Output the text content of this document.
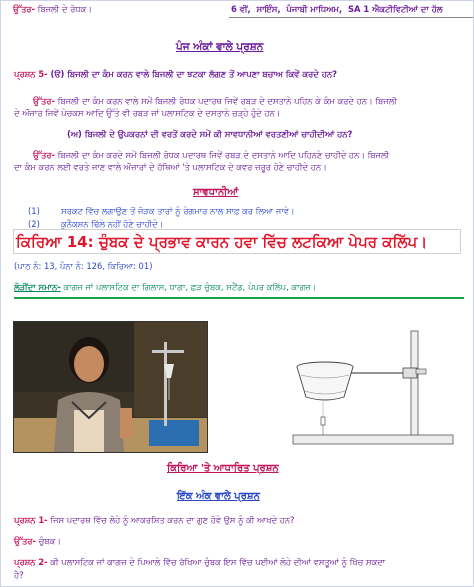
ਉੱਤਰ- ਬਿਜਲੀ ਦੇ ਰੋਧਕ।	6 ਵੀਂ, ਸਾਇੰਸ, ਪੰਜਾਬੀ ਮਾਧਿਅਮ, SA 1 ਐਕਟੀਵਿਟੀਆਂ ਦਾ ਹੱਲ
ਪੰਜ ਅੰਕਾਂ ਵਾਲੇ ਪ੍ਰਸ਼ਨ
ਪ੍ਰਸ਼ਨ 5- (ੳ) ਬਿਜਲੀ ਦਾ ਕੰਮ ਕਰਨ ਵਾਲੇ ਬਿਜਲੀ ਦਾ ਝਟਕਾ ਲੱਗਣ ਤੋਂ ਆਪਣਾ ਬਚਾਅ ਕਿਵੇਂ ਕਰਦੇ ਹਨ?
ਉੱਤਰ- ਬਿਜਲੀ ਦਾ ਕੰਮ ਕਰਨ ਵਾਲੇ ਸਮੇਂ ਬਿਜਲੀ ਰੋਧਕ ਪਦਾਰਥ ਜਿਵੇਂ ਰਬੜ ਦੇ ਦਸਤਾਨੇ ਪਹਿਨ ਕੇ ਕੰਮ ਕਰਦੇ ਹਨ। ਬਿਜਲੀ
ਦੇ ਔਜ਼ਾਰ ਜਿਵੇਂ ਪੇਚਕਸ ਆਦਿ ਉੱਤੇ ਵੀ ਰਬੜ ਜਾਂ ਪਲਾਸਟਿਕ ਦੇ ਦਸਤਾਨੇ ਚੜ੍ਹੇ ਹੁੰਦੇ ਹਨ।
(ਅ) ਬਿਜਲੀ ਦੇ ਉਪਕਰਨਾਂ ਦੀ ਵਰਤੋਂ ਕਰਦੇ ਸਮੇਂ ਕੀ ਸਾਵਧਾਨੀਆਂ ਵਰਤਣੀਆਂ ਚਾਹੀਦੀਆਂ ਹਨ?
ਉੱਤਰ- ਬਿਜਲੀ ਦਾ ਕੰਮ ਕਰਦੇ ਸਮੇਂ ਬਿਜਲੀ ਰੋਧਕ ਪਦਾਰਥ ਜਿਵੇਂ ਰਬੜ ਦੇ ਦਸਤਾਨੇ ਆਦਿ ਪਹਿਨਣੇ ਚਾਹੀਦੇ ਹਨ। ਬਿਜਲੀ
ਦਾ ਕੰਮ ਕਰਨ ਲਈ ਵਰਤੇ ਜਾਣ ਵਾਲੇ ਔਜ਼ਾਰਾਂ ਦੇ ਹੱਥਿਆਂ 'ਤੇ ਪਲਾਸਟਿਕ ਦੇ ਕਵਰ ਜ਼ਰੂਰ ਹੋਣੇ ਚਾਹੀਦੇ ਹਨ।
ਸਾਵਧਾਨੀਆਂ
(1)	ਸਰਕਟ ਵਿੱਚ ਲਗਾਉਣ ਤੋਂ ਜੋੜਕ ਤਾਰਾਂ ਨੂੰ ਰੇਗਮਾਰ ਨਾਲ ਸਾਫ਼ ਕਰ ਲਿਆ ਜਾਵੇ।
(2)	ਕੁਨੈਕਸ਼ਨ ਢਿੱਲੇ ਨਹੀਂ ਹੋਣੇ ਚਾਹੀਦੇ।
ਕਿਰਿਆ 14: ਚੁੰਬਕ ਦੇ ਪ੍ਰਭਾਵ ਕਾਰਨ ਹਵਾ ਵਿੱਚ ਲਟਕਿਆ ਪੇਪਰ ਕਲਿੱਪ।
(ਪਾਠ ਨੰ: 13, ਪੰਨਾ ਨੰ: 126, ਕਿਰਿਆ: 01)
ਲੋੜੀਂਦਾ ਸਮਾਨ- ਕਾਗਜ਼ ਜਾਂ ਪਲਾਸਟਿਕ ਦਾ ਗਿਲਾਸ, ਧਾਗਾ, ਛੜ ਚੁੰਬਕ, ਸਟੈਂਡ, ਪੇਪਰ ਕਲਿੱਪ, ਕਾਗਜ਼।
ਕਿਰਿਆ 'ਤੇ ਆਧਾਰਿਤ ਪ੍ਰਸ਼ਨ
ਇੱਕ ਅੰਕ ਵਾਲੇ ਪ੍ਰਸ਼ਨ
ਪ੍ਰਸ਼ਨ 1- ਜਿਸ ਪਦਾਰਥ ਵਿੱਚ ਲੋਹੇ ਨੂੰ ਆਕਰਸ਼ਿਤ ਕਰਨ ਦਾ ਗੁਣ ਹੋਵੇ ਉਸ ਨੂੰ ਕੀ ਆਖਦੇ ਹਨ?
ਉੱਤਰ- ਚੁੰਬਕ।
ਪ੍ਰਸ਼ਨ 2- ਕੀ ਪਲਾਸਟਿਕ ਜਾਂ ਕਾਗਜ਼ ਦੇ ਪਿਆਲੇ ਵਿੱਚ ਰੱਖਿਆ ਚੁੰਬਕ ਇਸ ਵਿੱਚ ਪਈਆਂ ਲੋਹੇ ਦੀਆਂ ਵਸਤੂਆਂ ਨੂੰ ਖਿੱਚ ਸਕਦਾ
ਹੈ?
